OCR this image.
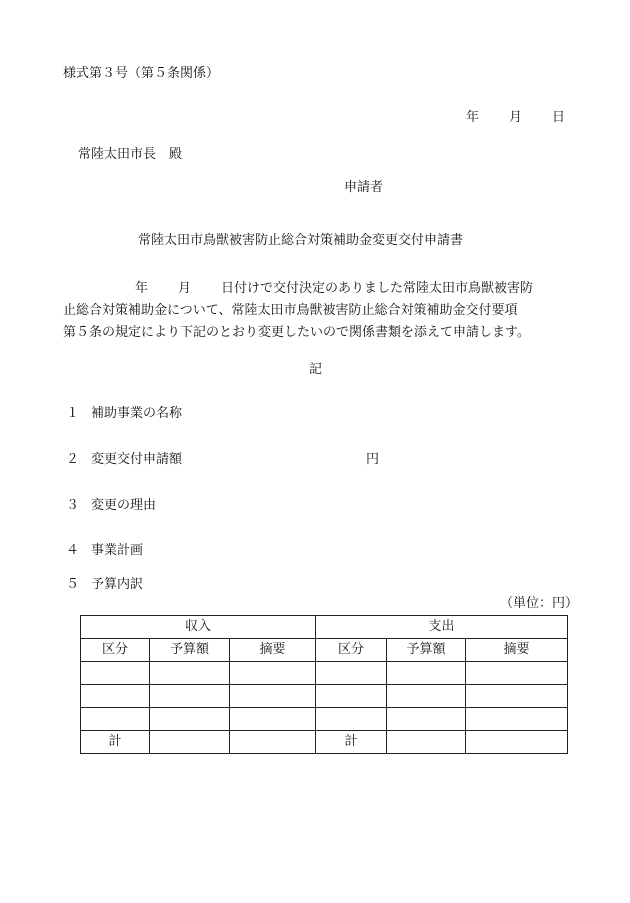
様式第３号（第５条関係）
年 月 日
常陸太田市長　殿
申請者
常陸太田市鳥獣被害防止総合対策補助金変更交付申請書
年 月 日付けで交付決定のありました常陸太田市鳥獣被害防
止総合対策補助金について、常陸太田市鳥獣被害防止総合対策補助金交付要項
第５条の規定により下記のとおり変更したいので関係書類を添えて申請します。
記
１ 補助事業の名称
２ 変更交付申請額	円
３ 変更の理由
４ 事業計画
５ 予算内訳
（単位：円）
収入			支出		
区分	予算額	摘要	区分	予算額	摘要

計			計		
